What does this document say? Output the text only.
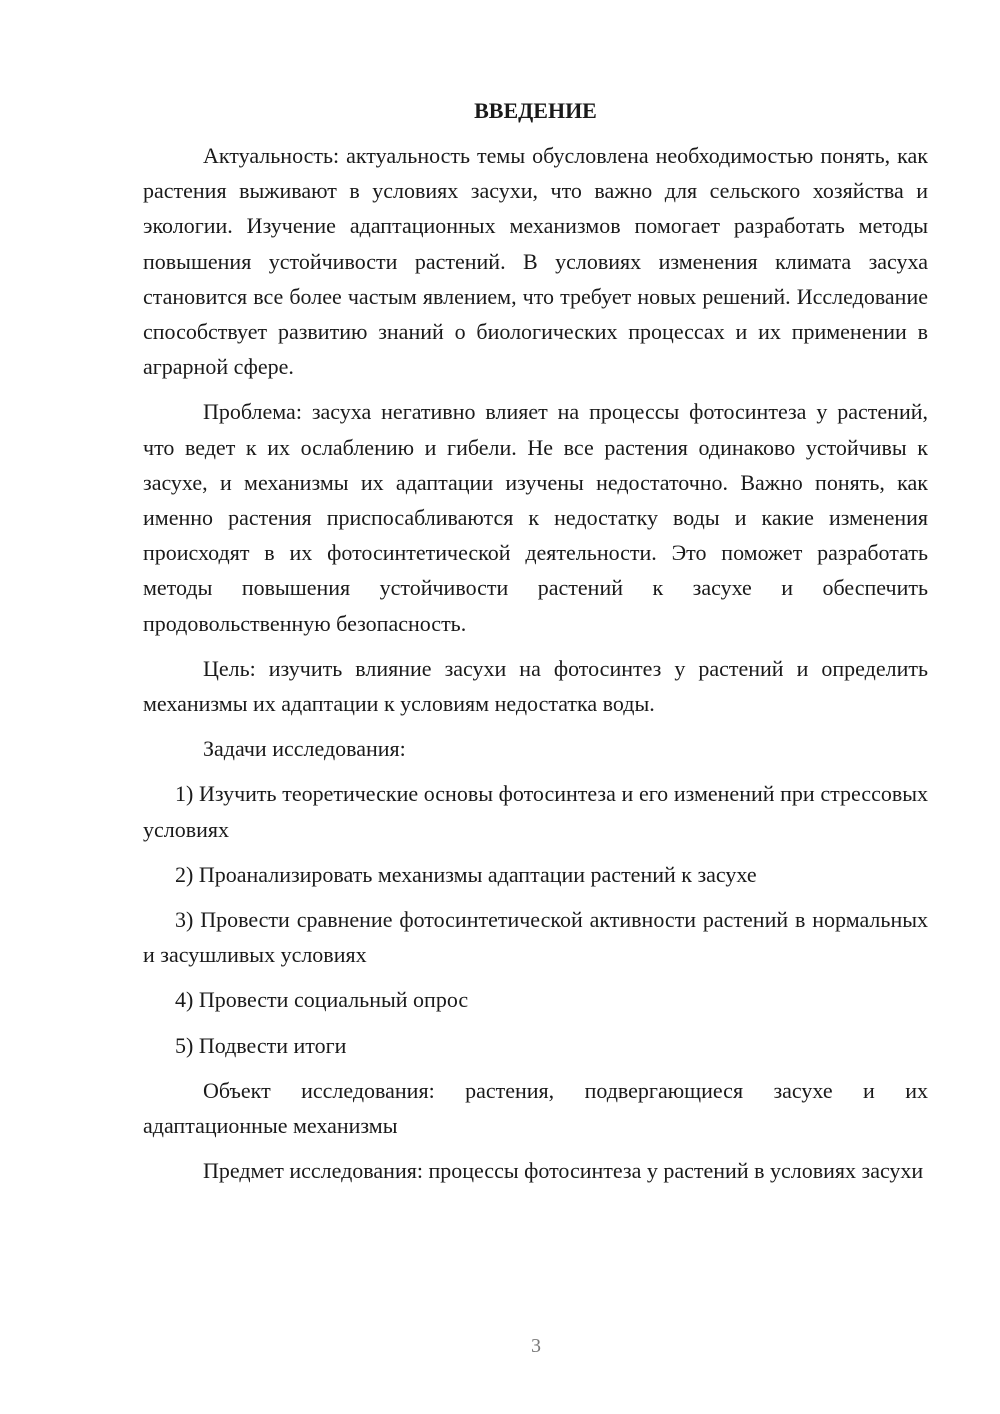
ВВЕДЕНИЕ

Актуальность: актуальность темы обусловлена необходимостью понять, как растения выживают в условиях засухи, что важно для сельского хозяйства и экологии. Изучение адаптационных механизмов помогает разработать методы повышения устойчивости растений. В условиях изменения климата засуха становится все более частым явлением, что требует новых решений. Исследование способствует развитию знаний о биологических процессах и их применении в аграрной сфере.

Проблема: засуха негативно влияет на процессы фотосинтеза у растений, что ведет к их ослаблению и гибели. Не все растения одинаково устойчивы к засухе, и механизмы их адаптации изучены недостаточно. Важно понять, как именно растения приспосабливаются к недостатку воды и какие изменения происходят в их фотосинтетической деятельности. Это поможет разработать методы повышения устойчивости растений к засухе и обеспечить продовольственную безопасность.

Цель: изучить влияние засухи на фотосинтез у растений и определить механизмы их адаптации к условиям недостатка воды.

Задачи исследования:

1) Изучить теоретические основы фотосинтеза и его изменений при стрессовых условиях

2) Проанализировать механизмы адаптации растений к засухе

3) Провести сравнение фотосинтетической активности растений в нормальных и засушливых условиях

4) Провести социальный опрос

5) Подвести итоги

Объект исследования: растения, подвергающиеся засухе и их адаптационные механизмы

Предмет исследования: процессы фотосинтеза у растений в условиях засухи

3
